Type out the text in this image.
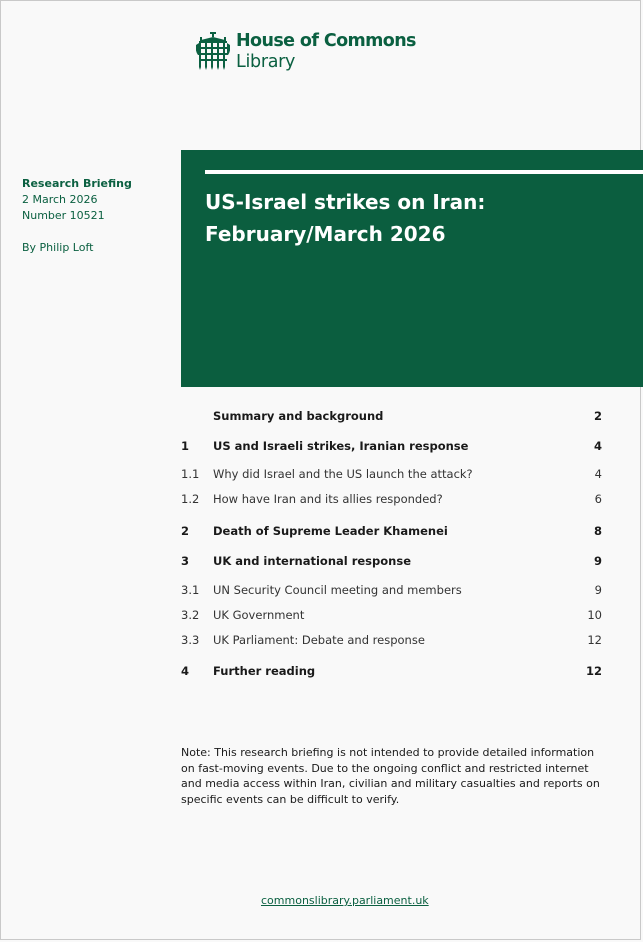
House of Commons
Library
Research Briefing
2 March 2026
Number 10521
By Philip Loft
US-Israel strikes on Iran:
February/March 2026
Summary and background	2
1	US and Israeli strikes, Iranian response	4
1.1	Why did Israel and the US launch the attack?	4
1.2	How have Iran and its allies responded?	6
2	Death of Supreme Leader Khamenei	8
3	UK and international response	9
3.1	UN Security Council meeting and members	9
3.2	UK Government	10
3.3	UK Parliament: Debate and response	12
4	Further reading	12
Note: This research briefing is not intended to provide detailed information on fast-moving events. Due to the ongoing conflict and restricted internet and media access within Iran, civilian and military casualties and reports on specific events can be difficult to verify.
commonslibrary.parliament.uk
